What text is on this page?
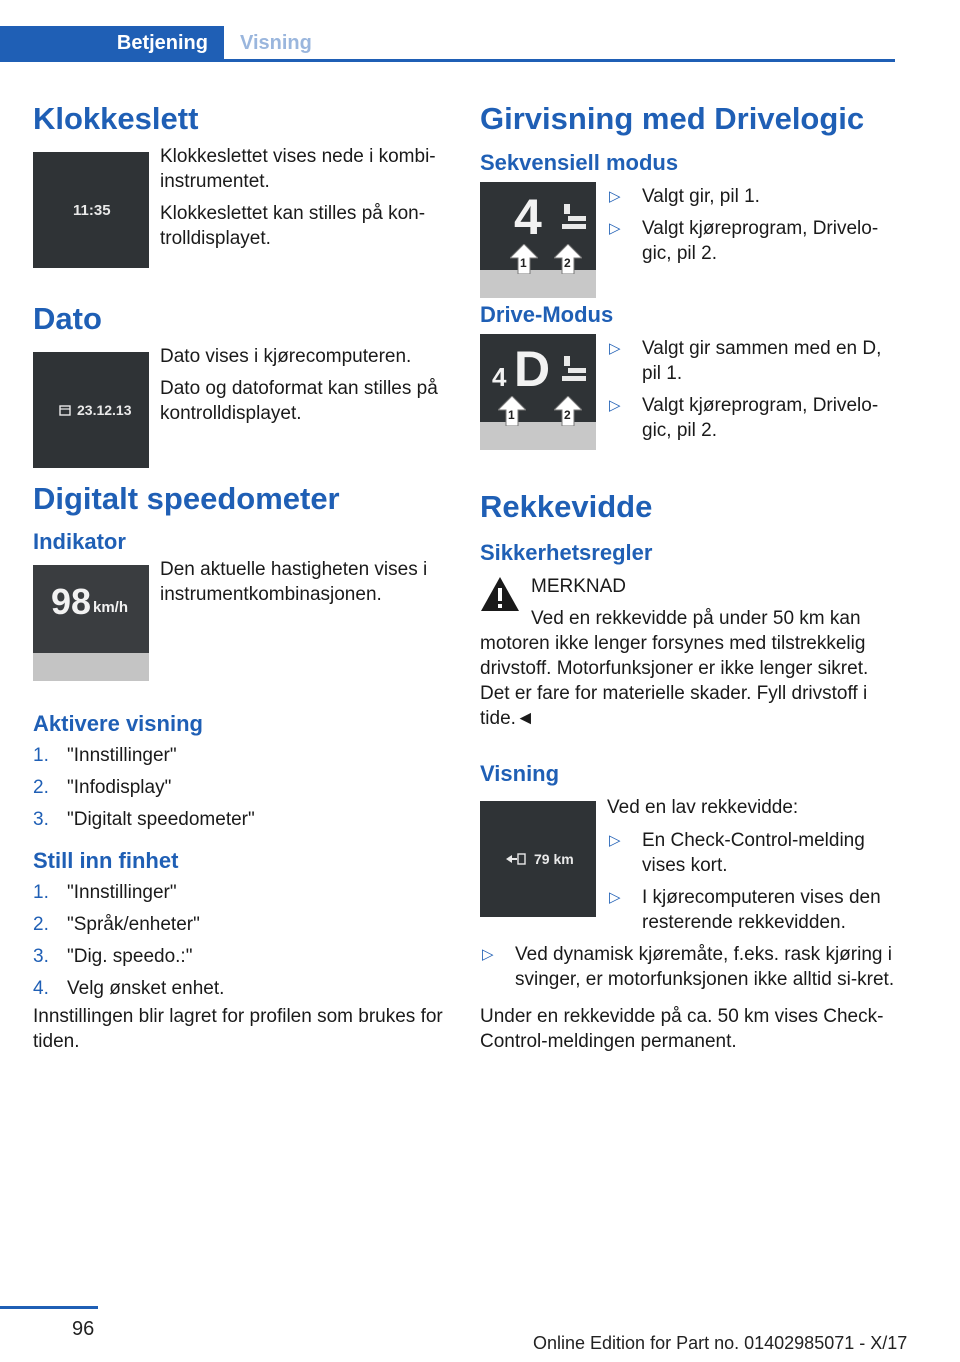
Betjening	Visning
Klokkeslett
11:35

Klokkeslettet vises nede i kombi-instrumentet.

Klokkeslettet kan stilles på kon-trolldisplayet.

Dato
23.12.13

Dato vises i kjørecomputeren.

Dato og datoformat kan stilles på kontrolldisplayet.

Digitalt speedometer
Indikator
98 km/h

Den aktuelle hastigheten vises i instrumentkombinasjonen.

Aktivere visning
1. "Innstillinger"
2. "Infodisplay"
3. "Digitalt speedometer"
Still inn finhet
1. "Innstillinger"
2. "Språk/enheter"
3. "Dig. speedo.:"
4. Velg ønsket enhet.

Innstillingen blir lagret for profilen som brukes for tiden.

Girvisning med Drivelogic
Sekvensiell modus
4
1	2
▷	Valgt gir, pil 1.
▷	Valgt kjøreprogram, Drivelo-gic, pil 2.
Drive-Modus
4 D
1	2
▷	Valgt gir sammen med en D, pil 1.
▷	Valgt kjøreprogram, Drivelo-gic, pil 2.
Rekkevidde
Sikkerhetsregler

MERKNAD

Ved en rekkevidde på under 50 km kan

motoren ikke lenger forsynes med tilstrekkelig drivstoff. Motorfunksjoner er ikke lenger sikret. Det er fare for materielle skader. Fyll drivstoff i tide.◄

Visning
79 km

Ved en lav rekkevidde:

▷	En Check-Control-melding vises kort.
▷	I kjørecomputeren vises den resterende rekkevidden.
▷	Ved dynamisk kjøremåte, f.eks. rask kjøring i svinger, er motorfunksjonen ikke alltid si-kret.

Under en rekkevidde på ca. 50 km vises Check-Control-meldingen permanent.

96
Online Edition for Part no. 01402985071 - X/17
